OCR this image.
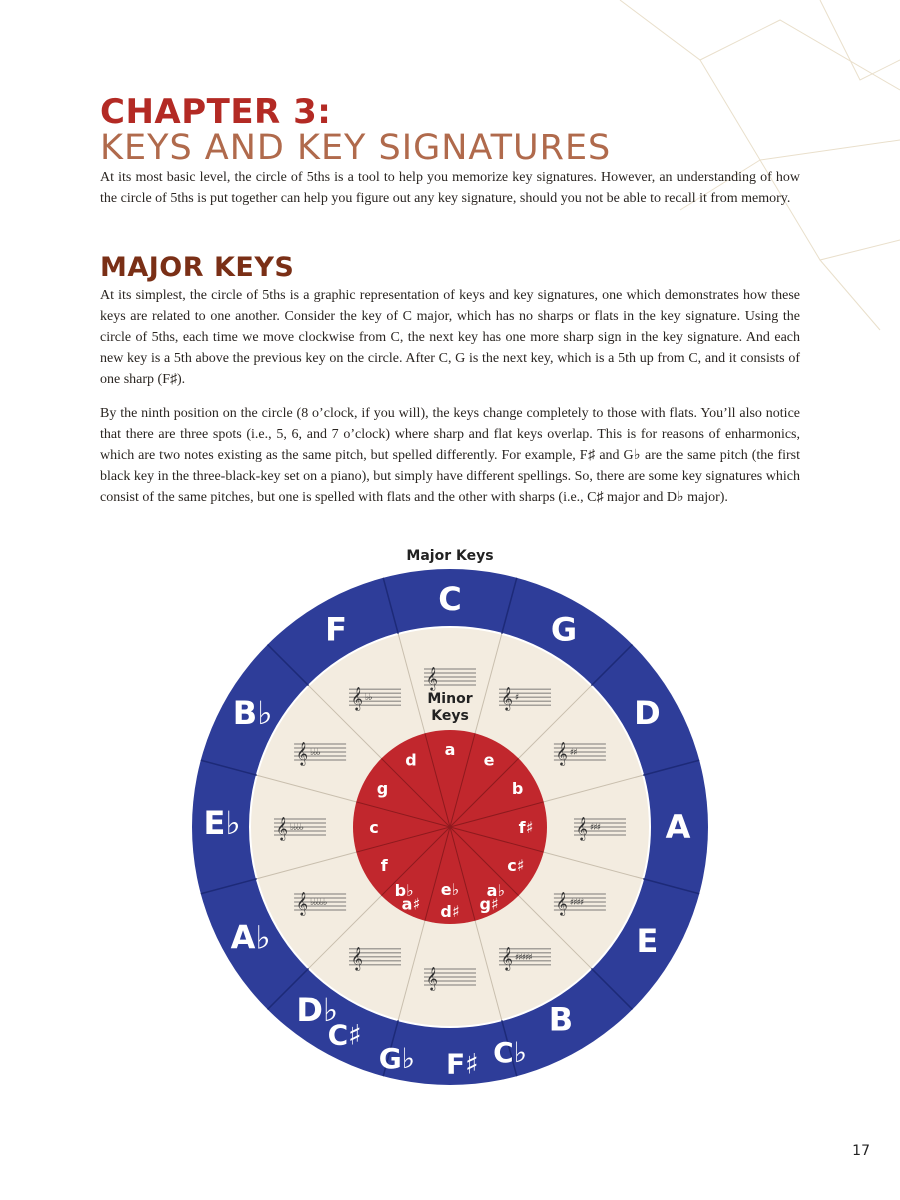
CHAPTER 3:
KEYS AND KEY SIGNATURES

At its most basic level, the circle of 5ths is a tool to help you memorize key signatures. However, an understanding of how the circle of 5ths is put together can help you figure out any key signature, should you not be able to recall it from memory.

MAJOR KEYS

At its simplest, the circle of 5ths is a graphic representation of keys and key signatures, one which demonstrates how these keys are related to one another. Consider the key of C major, which has no sharps or flats in the key signature. Using the circle of 5ths, each time we move clockwise from C, the next key has one more sharp sign in the key signature. And each new key is a 5th above the previous key on the circle. After C, G is the next key, which is a 5th up from C, and it consists of one sharp (F♯).

By the ninth position on the circle (8 o’clock, if you will), the keys change completely to those with flats. You’ll also notice that there are three spots (i.e., 5, 6, and 7 o’clock) where sharp and flat keys overlap. This is for reasons of enharmonics, which are two notes existing as the same pitch, but spelled differently. For example, F♯ and G♭ are the same pitch (the first black key in the three-black-key set on a piano), but simply have different spellings. So, there are some key signatures which consist of the same pitches, but one is spelled with flats and the other with sharps (i.e., C♯ major and D♭ major).

Major Keys
C
G
D
A
E
B
C♭
F♯
G♭
C♯
D♭
A♭
E♭
B♭
F
𝄞
𝄞 ♯
𝄞 ♯♯
𝄞 ♯♯♯
𝄞 ♯♯♯♯
𝄞 ♯♯♯♯♯
𝄞
𝄞
𝄞 ♭♭♭♭♭
𝄞 ♭♭♭♭
𝄞 ♭♭♭
𝄞 ♭♭	Minor
Keys
a
e
b
f♯
c♯
a♭
g♯
e♭
d♯
b♭
a♯
f
c
g
d
17
